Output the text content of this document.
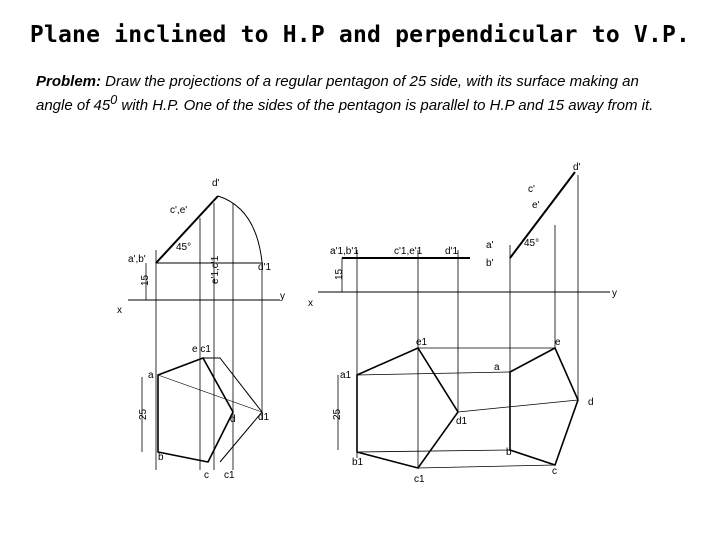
Plane inclined to H.P and perpendicular to V.P.
Problem: Draw the projections of a regular pentagon of 25 side, with its surface making an angle of $45^0$ with H.P. One of the sides of the pentagon is parallel to H.P and 15 away from it.
d'
c',e'
a',b'
45°
e'1,c'1	d'1
x
y
15
e c1
a
25	d d1
b
c c1
a'1,b'1	c'1,e'1 d'1
15
x
y
d'
c'
e'
a'
b'
45°
e1
a1
25
d1
b1
c1
a
e
d
b
c
